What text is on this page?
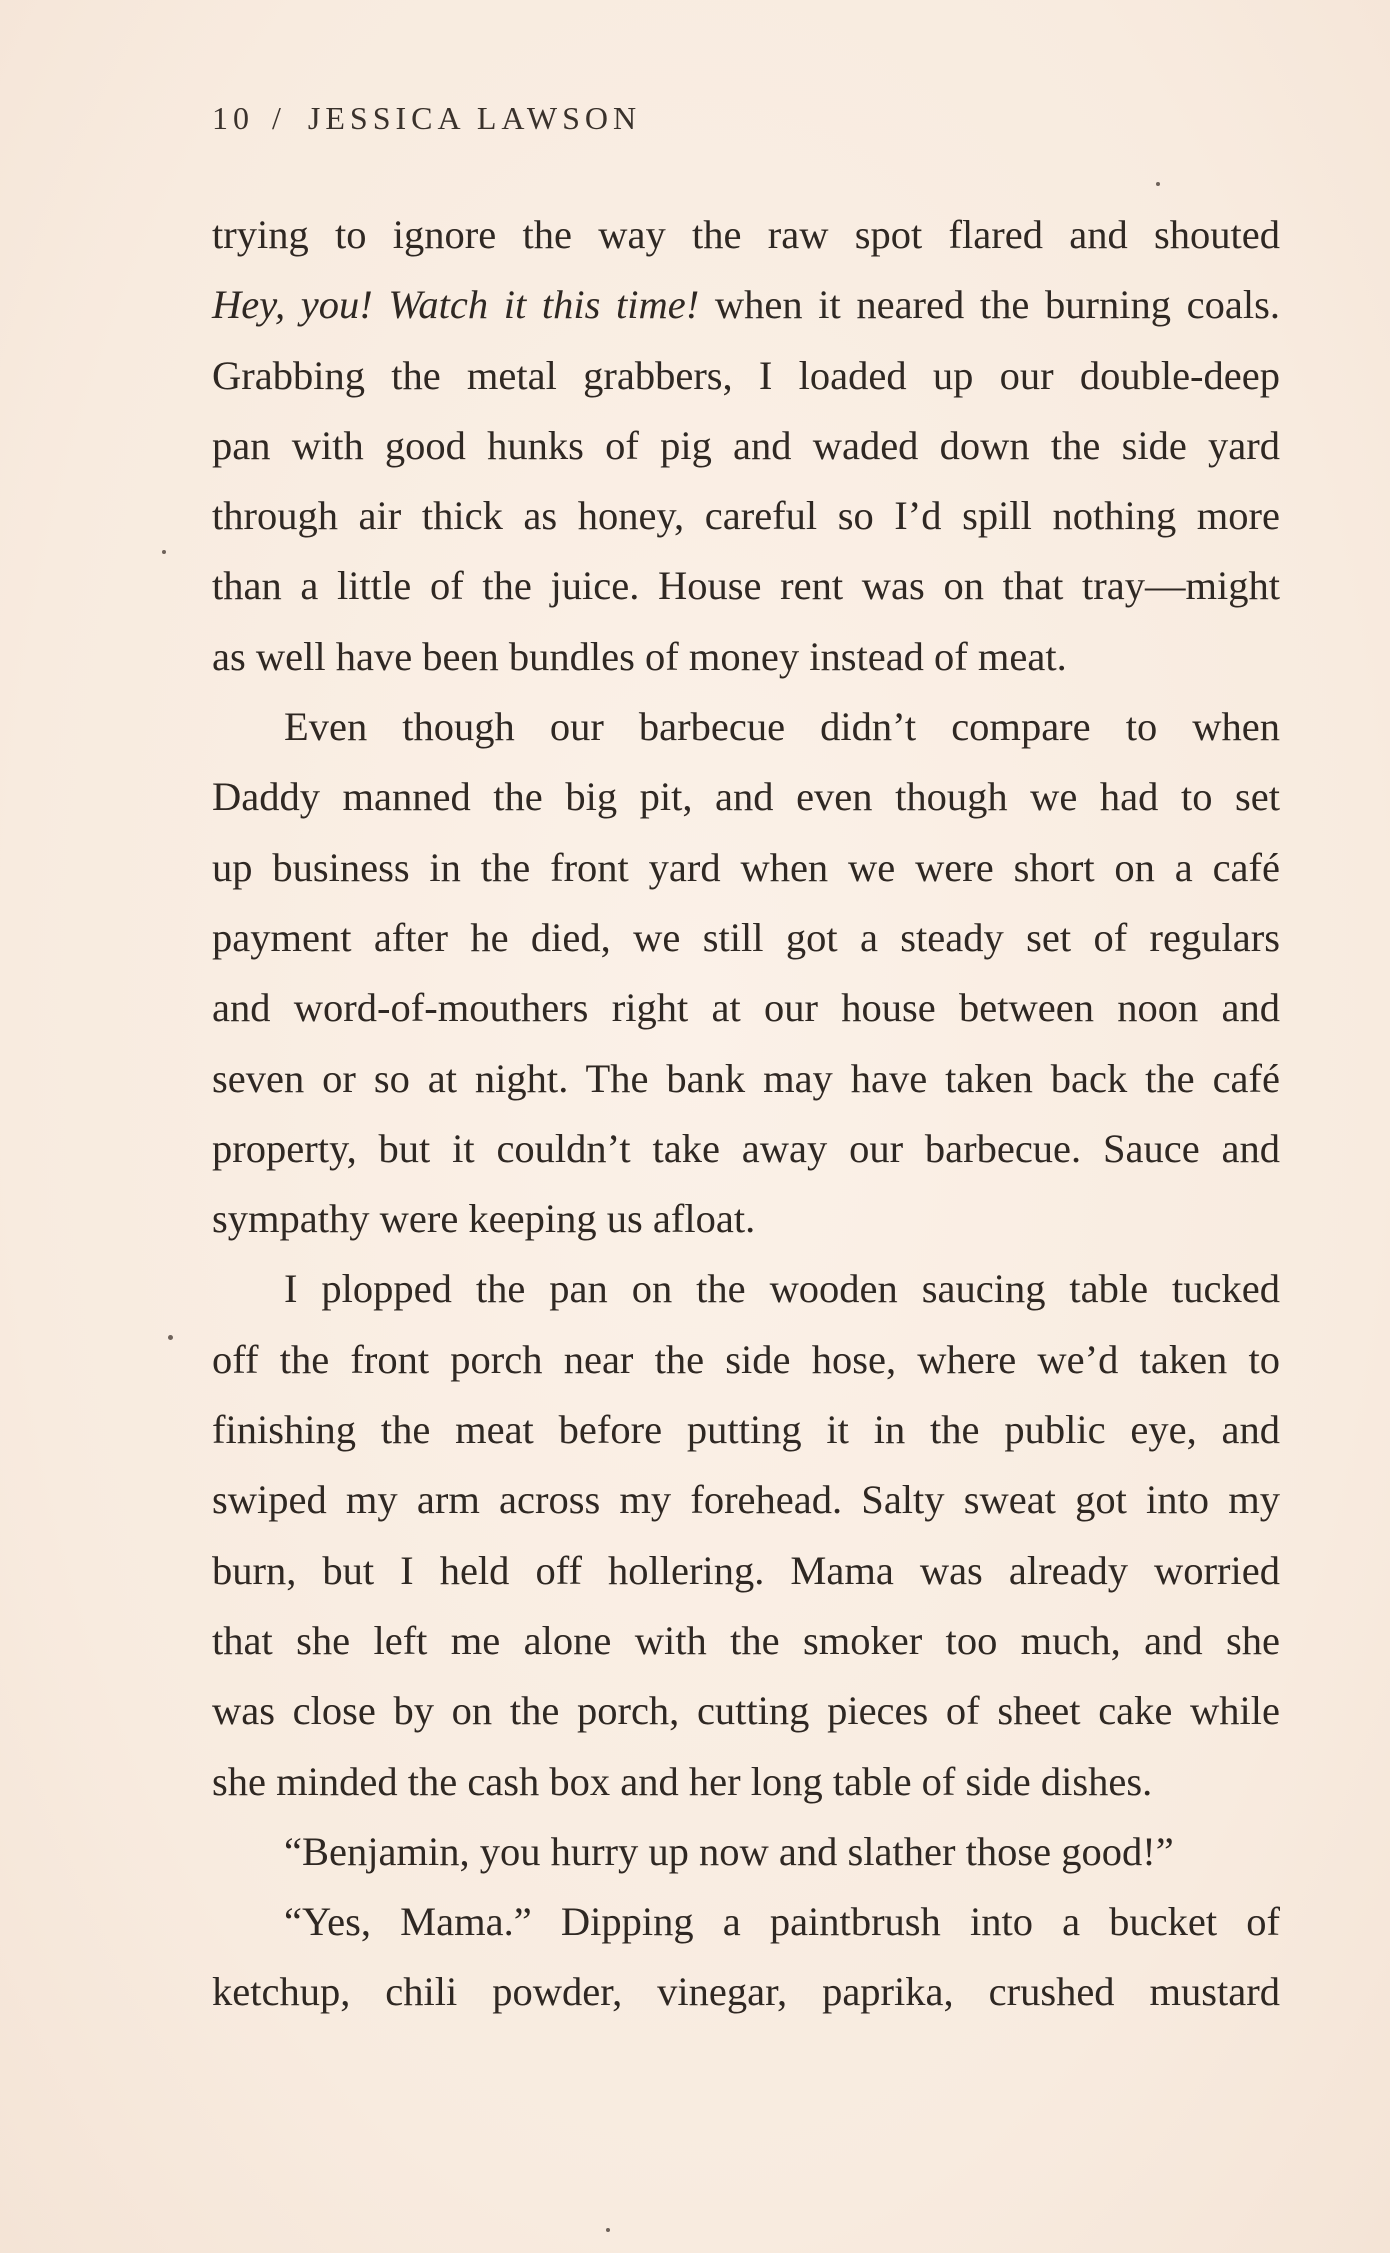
10 / JESSICA LAWSON
trying to ignore the way the raw spot flared and shouted
Hey, you! Watch it this time! when it neared the burning coals.
Grabbing the metal grabbers, I loaded up our double-deep
pan with good hunks of pig and waded down the side yard
through air thick as honey, careful so I’d spill nothing more
than a little of the juice. House rent was on that tray—might
as well have been bundles of money instead of meat.
Even though our barbecue didn’t compare to when
Daddy manned the big pit, and even though we had to set
up business in the front yard when we were short on a café
payment after he died, we still got a steady set of regulars
and word-of-mouthers right at our house between noon and
seven or so at night. The bank may have taken back the café
property, but it couldn’t take away our barbecue. Sauce and
sympathy were keeping us afloat.
I plopped the pan on the wooden saucing table tucked
off the front porch near the side hose, where we’d taken to
finishing the meat before putting it in the public eye, and
swiped my arm across my forehead. Salty sweat got into my
burn, but I held off hollering. Mama was already worried
that she left me alone with the smoker too much, and she
was close by on the porch, cutting pieces of sheet cake while
she minded the cash box and her long table of side dishes.
“Benjamin, you hurry up now and slather those good!”
“Yes, Mama.” Dipping a paintbrush into a bucket of
ketchup, chili powder, vinegar, paprika, crushed mustard
